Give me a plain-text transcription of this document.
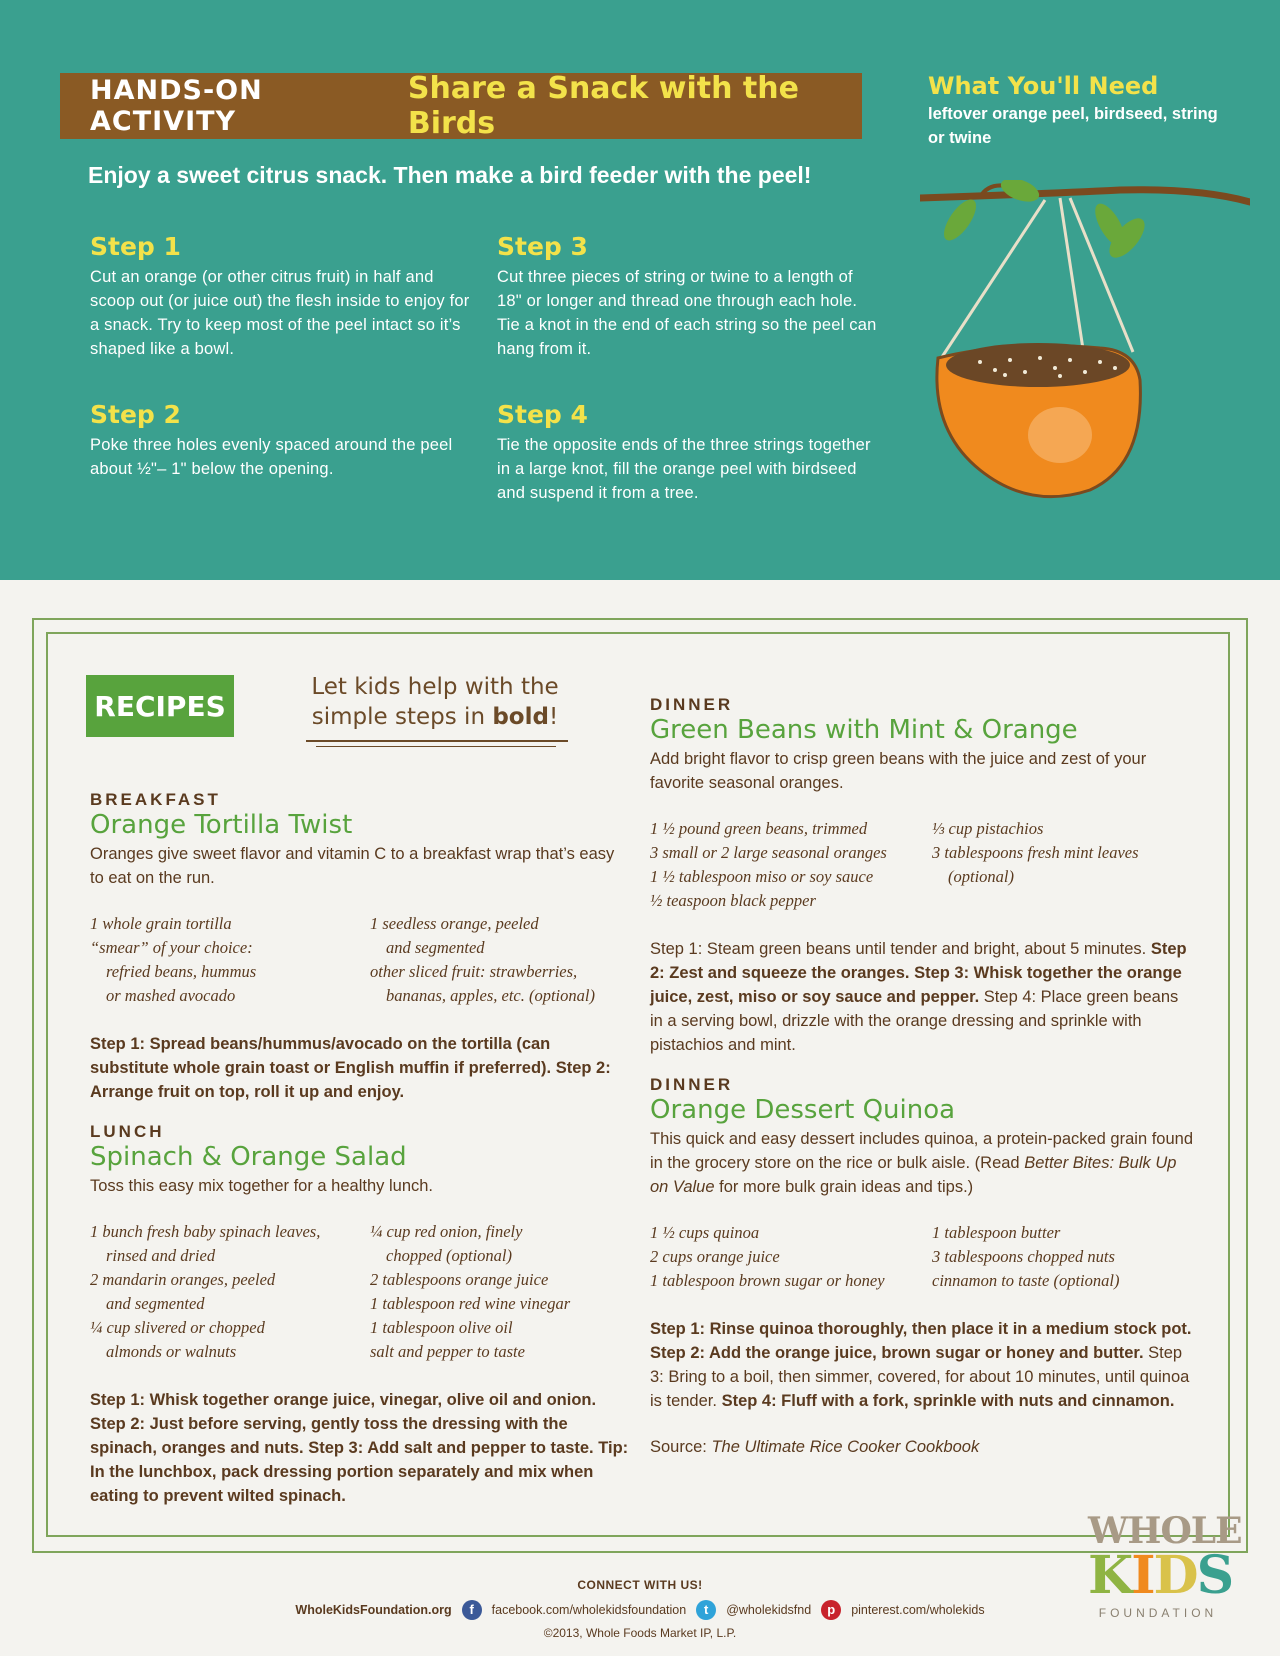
HANDS-ON ACTIVITY
Share a Snack with the Birds
Enjoy a sweet citrus snack. Then make a bird feeder with the peel!
Step 1

Cut an orange (or other citrus fruit) in half and scoop out (or juice out) the flesh inside to enjoy for a snack. Try to keep most of the peel intact so it’s shaped like a bowl.

Step 2

Poke three holes evenly spaced around the peel about ½"– 1" below the opening.

Step 3

Cut three pieces of string or twine to a length of 18" or longer and thread one through each hole. Tie a knot in the end of each string so the peel can hang from it.

Step 4

Tie the opposite ends of the three strings together in a large knot, fill the orange peel with birdseed and suspend it from a tree.

What You'll Need

leftover orange peel, birdseed, string or twine

RECIPES
Let kids help with the
simple steps in bold!

BREAKFAST

Orange Tortilla Twist

Oranges give sweet flavor and vitamin C to a breakfast wrap that’s easy to eat on the run.

1 whole grain tortilla
“smear” of your choice:
refried beans, hummus
or mashed avocado
1 seedless orange, peeled
and segmented
other sliced fruit: strawberries,
bananas, apples, etc. (optional)

Step 1: Spread beans/hummus/avocado on the tortilla (can substitute whole grain toast or English muffin if preferred). Step 2: Arrange fruit on top, roll it up and enjoy.

LUNCH

Spinach & Orange Salad

Toss this easy mix together for a healthy lunch.

1 bunch fresh baby spinach leaves,
rinsed and dried
2 mandarin oranges, peeled
and segmented
¼ cup slivered or chopped
almonds or walnuts
¼ cup red onion, finely
chopped (optional)
2 tablespoons orange juice
1 tablespoon red wine vinegar
1 tablespoon olive oil
salt and pepper to taste

Step 1: Whisk together orange juice, vinegar, olive oil and onion. Step 2: Just before serving, gently toss the dressing with the spinach, oranges and nuts. Step 3: Add salt and pepper to taste. Tip: In the lunchbox, pack dressing portion separately and mix when eating to prevent wilted spinach.

DINNER

Green Beans with Mint & Orange

Add bright flavor to crisp green beans with the juice and zest of your favorite seasonal oranges.

1 ½ pound green beans, trimmed
3 small or 2 large seasonal oranges
1 ½ tablespoon miso or soy sauce
½ teaspoon black pepper
⅓ cup pistachios
3 tablespoons fresh mint leaves
(optional)

Step 1: Steam green beans until tender and bright, about 5 minutes. Step 2: Zest and squeeze the oranges. Step 3: Whisk together the orange juice, zest, miso or soy sauce and pepper. Step 4: Place green beans in a serving bowl, drizzle with the orange dressing and sprinkle with pistachios and mint.

DINNER

Orange Dessert Quinoa

This quick and easy dessert includes quinoa, a protein-packed grain found in the grocery store on the rice or bulk aisle. (Read Better Bites: Bulk Up on Value for more bulk grain ideas and tips.)

1 ½ cups quinoa
2 cups orange juice
1 tablespoon brown sugar or honey
1 tablespoon butter
3 tablespoons chopped nuts
cinnamon to taste (optional)

Step 1: Rinse quinoa thoroughly, then place it in a medium stock pot. Step 2: Add the orange juice, brown sugar or honey and butter. Step 3: Bring to a boil, then simmer, covered, for about 10 minutes, until quinoa is tender. Step 4: Fluff with a fork, sprinkle with nuts and cinnamon.

Source: The Ultimate Rice Cooker Cookbook

CONNECT WITH US!
WholeKidsFoundation.org	f	facebook.com/wholekidsfoundation	t	@wholekidsfnd	p	pinterest.com/wholekids
©2013, Whole Foods Market IP, L.P.
WHOLE
KIDS
FOUNDATION
